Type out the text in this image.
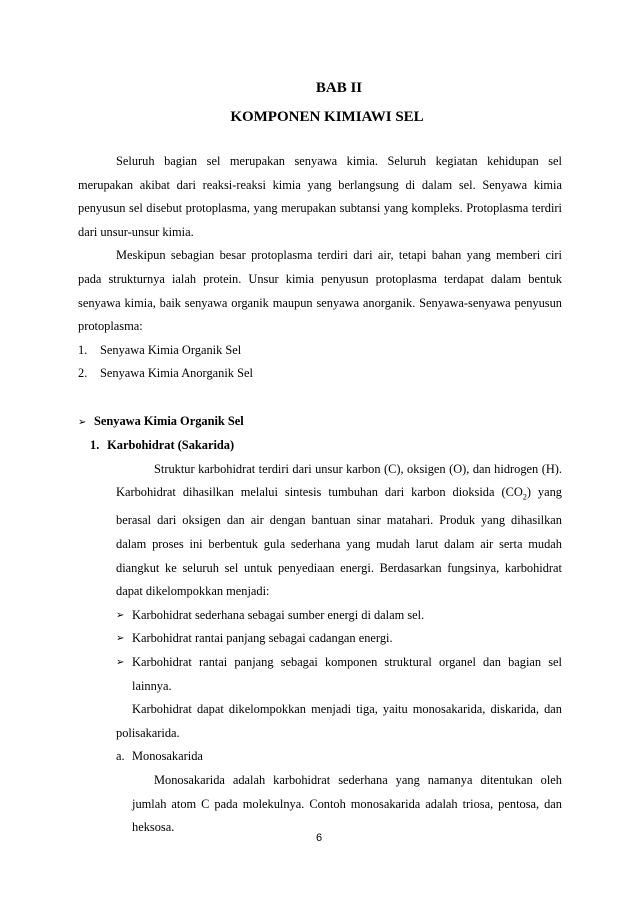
BAB II
KOMPONEN KIMIAWI SEL

Seluruh bagian sel merupakan senyawa kimia. Seluruh kegiatan kehidupan sel merupakan akibat dari reaksi-reaksi kimia yang berlangsung di dalam sel. Senyawa kimia penyusun sel disebut protoplasma, yang merupakan subtansi yang kompleks. Protoplasma terdiri dari unsur-unsur kimia.

Meskipun sebagian besar protoplasma terdiri dari air, tetapi bahan yang memberi ciri pada strukturnya ialah protein. Unsur kimia penyusun protoplasma terdapat dalam bentuk senyawa kimia, baik senyawa organik maupun senyawa anorganik. Senyawa-senyawa penyusun protoplasma:

1. Senyawa Kimia Organik Sel

2. Senyawa Kimia Anorganik Sel

➢ Senyawa Kimia Organik Sel

1. Karbohidrat (Sakarida)

Struktur karbohidrat terdiri dari unsur karbon (C), oksigen (O), dan hidrogen (H). Karbohidrat dihasilkan melalui sintesis tumbuhan dari karbon dioksida $(CO_2)$ yang berasal dari oksigen dan air dengan bantuan sinar matahari. Produk yang dihasilkan dalam proses ini berbentuk gula sederhana yang mudah larut dalam air serta mudah diangkut ke seluruh sel untuk penyediaan energi. Berdasarkan fungsinya, karbohidrat dapat dikelompokkan menjadi:

➢ Karbohidrat sederhana sebagai sumber energi di dalam sel.
➢ Karbohidrat rantai panjang sebagai cadangan energi.
➢ Karbohidrat rantai panjang sebagai komponen struktural organel dan bagian sel lainnya.

Karbohidrat dapat dikelompokkan menjadi tiga, yaitu monosakarida, diskarida, dan polisakarida.

a. Monosakarida

Monosakarida adalah karbohidrat sederhana yang namanya ditentukan oleh jumlah atom C pada molekulnya. Contoh monosakarida adalah triosa, pentosa, dan heksosa.

6
